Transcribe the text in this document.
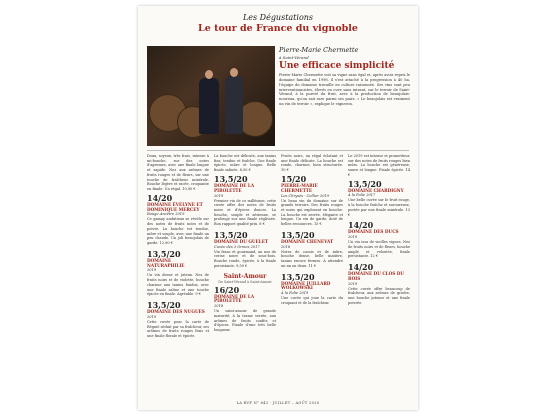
Les Dégustations
Le tour de France du vignoble

Pierre-Marie Chermette

à Saint-Vérand

Une efficace simplicité

Pierre-Marie Chermette voit sa vigne sans égal et, après avoir repris le domaine familial en 1998, il s'est attaché à la progression à 40 ha, l'équipe du domaine travaille en culture raisonnée. Ses vins sont peu interventionnistes, élevés en cuve sans intrant, sur le terroir de Saint-Vérand, à la pureté du fruit, avec à la production de beaujolais-nouveau, qu'on sait rare parmi ses pairs. « Le beaujolais est vraiment un vin de terroir », explique le vigneron.

Doux, soyeux, très frais, intense à mi-bouche, sur des notes d'agrumes, avec une finale longue et sapide. Nez aux arômes de fruits rouges et de fleurs, sur une touche de fraîcheur minérale. Bouche légère et racée, croquante en finale. Un régal. 10,90 €

14/20

DOMAINE ÉVELYNE ET DOMINIQUE MERCEY

Rouge Ancêtre 2019

Ce gamay ambitieux se révèle sur des notes de fruits noirs et de poivre. La bouche est tendue, mûre et souple, avec une finale un peu chaude. Un joli beaujolais de garde. 12,90 €

13,5/20

DOMAINE NATURAPHILIE

2019

Un vin dense et juteux. Nez de fruits noirs et de violette, bouche charnue aux tanins fondus, avec une finale saline et une touche épicée en finale. Agréable. 9 €

13,5/20

DOMAINE DES NUGUES

2019

Cette cuvée pour la carte de Régnié séduit par sa fraîcheur, ses arômes de fruits rouges frais et une finale florale et épicée.

La bouche est délicate, aux tanins fins, tendue et fraîche. Une finale épicée, mûre et longue. Belle finale salinée. 8,50 €

13,5/20

DOMAINE DE LA PIROLETTE

2019

Premier vin de ce millésime, cette cuvée offre des notes de fruits noirs et d'épices douces. La bouche, souple et aérienne, se prolonge sur une finale réglissée. Bon rapport qualité prix. 8 €

13,5/20

DOMAINE DU GUELET

Cuvée des 3 Ormes 2017

Vin franc et gourmand, au nez de cerise noire et de sous-bois. Bouche ronde, épicée, à la finale persistante. 9,50 €

Saint-Amour

De Saint-Vérand à Saint-Amour

16/20

DOMAINE DE LA PIROLETTE

2018

Un saint-amour de grande maturité, à la trame serrée, aux arômes de fruits confits et d'épices. Finale d'une très belle longueur.

Fruits noirs, un régal éclatant et une finale délicate. La bouche est ronde, charnue, bien structurée. 10 €

15/20

PIERRE-MARIE CHERMETTE

Les Chrysés - Cellier 2019

Un beau vin du domaine sur de grands terroirs. Des fruits rouges et noirs qui explosent en bouche. La bouche est serrée, élégante et longue. Un vin de garde, doté de belles ressources. 15 €

13,5/20

DOMAINE CHENEVAT

2018

Notes de cassis et de mûre, bouche dense, belle matière, tanins encore fermes. À attendre un an ou deux. 11 €

13,5/20

DOMAINE JUILLARD WOLKOWSKI

À la Folie 2019

Une cuvée qui joue la carte du croquant et de la fraîcheur.

Le 2019 est intense et prometteur, sur des notes de fruits rouges bien mûrs. La bouche est généreuse, suave et longue. Finale épicée. 14 €

13,5/20

DOMAINE CHARDIGNY

À la Folie 2017

Une belle cuvée sur le fruit rouge, à la bouche fraîche et savoureuse, portée par une finale minérale. 13 €

14/20

DOMAINE DES DUCS

2019

Un vin issu de vieilles vignes. Nez de fruits noirs et de fleurs, bouche ample et veloutée, finale persistante. 12 €

14/20

DOMAINE DU CLOS DU BOIS

2019

Cette cuvée offre beaucoup de fraîcheur, aux arômes de griotte, une bouche juteuse et une finale poivrée.

LA RVF N° 643 · JUILLET – AOÛT 2020
